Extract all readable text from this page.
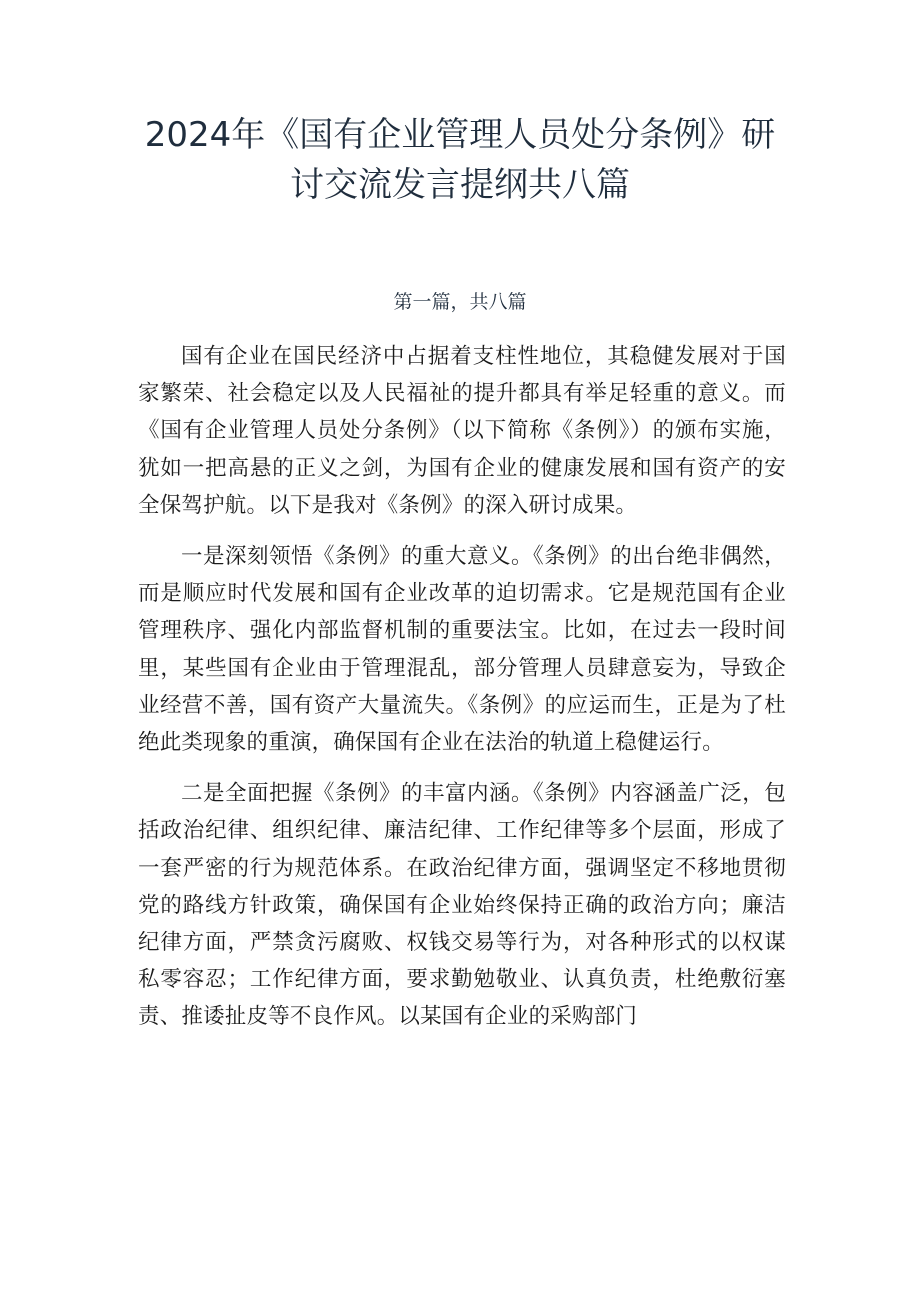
2024年《国有企业管理人员处分条例》研
讨交流发言提纲共八篇
第一篇，共八篇

国有企业在国民经济中占据着支柱性地位，其稳健发展对于国家繁荣、社会稳定以及人民福祉的提升都具有举足轻重的意义。而《国有企业管理人员处分条例》（以下简称《条例》）的颁布实施，犹如一把高悬的正义之剑，为国有企业的健康发展和国有资产的安全保驾护航。以下是我对《条例》的深入研讨成果。

一是深刻领悟《条例》的重大意义。《条例》的出台绝非偶然，而是顺应时代发展和国有企业改革的迫切需求。它是规范国有企业管理秩序、强化内部监督机制的重要法宝。比如，在过去一段时间里，某些国有企业由于管理混乱，部分管理人员肆意妄为，导致企业经营不善，国有资产大量流失。《条例》的应运而生，正是为了杜绝此类现象的重演，确保国有企业在法治的轨道上稳健运行。

二是全面把握《条例》的丰富内涵。《条例》内容涵盖广泛，包括政治纪律、组织纪律、廉洁纪律、工作纪律等多个层面，形成了一套严密的行为规范体系。在政治纪律方面，强调坚定不移地贯彻党的路线方针政策，确保国有企业始终保持正确的政治方向；廉洁纪律方面，严禁贪污腐败、权钱交易等行为，对各种形式的以权谋私零容忍；工作纪律方面，要求勤勉敬业、认真负责，杜绝敷衍塞责、推诿扯皮等不良作风。以某国有企业的采购部门
